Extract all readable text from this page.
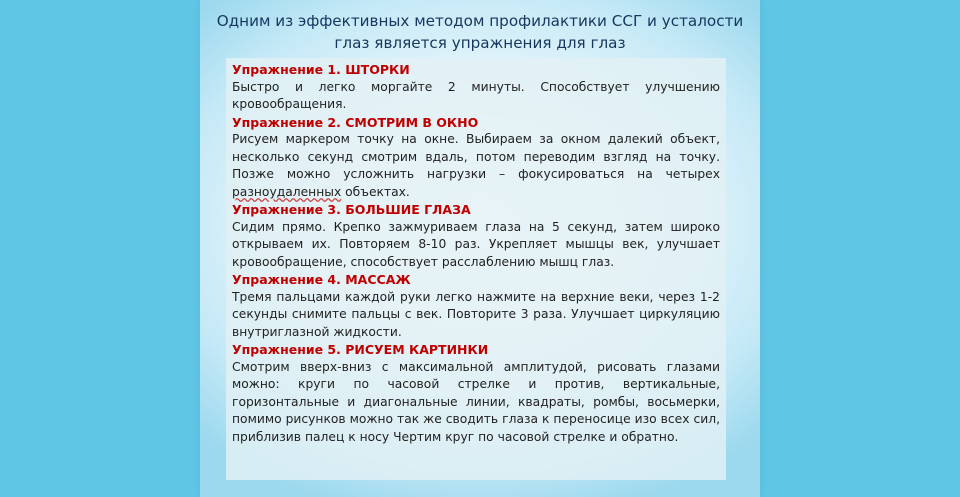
Одним из эффективных методом профилактики ССГ и усталости
глаз является упражнения для глаз
Упражнение 1. ШТОРКИ
Быстро и легко моргайте 2 минуты. Способствует улучшению кровообращения.
Упражнение 2. СМОТРИМ В ОКНО
Рисуем маркером точку на окне. Выбираем за окном далекий объект, несколько секунд смотрим вдаль, потом переводим взгляд на точку. Позже можно усложнить нагрузки – фокусироваться на четырех разноудаленных объектах.
Упражнение 3. БОЛЬШИЕ ГЛАЗА
Сидим прямо. Крепко зажмуриваем глаза на 5 секунд, затем широко открываем их. Повторяем 8-10 раз. Укрепляет мышцы век, улучшает кровообращение, способствует расслаблению мышц глаз.
Упражнение 4. МАССАЖ
Тремя пальцами каждой руки легко нажмите на верхние веки, через 1-2 секунды снимите пальцы с век. Повторите 3 раза. Улучшает циркуляцию внутриглазной жидкости.
Упражнение 5. РИСУЕМ КАРТИНКИ
Смотрим вверх-вниз с максимальной амплитудой, рисовать глазами можно: круги по часовой стрелке и против, вертикальные, горизонтальные и диагональные линии, квадраты, ромбы, восьмерки, помимо рисунков можно так же сводить глаза к переносице изо всех сил, приблизив палец к носу Чертим круг по часовой стрелке и обратно.
